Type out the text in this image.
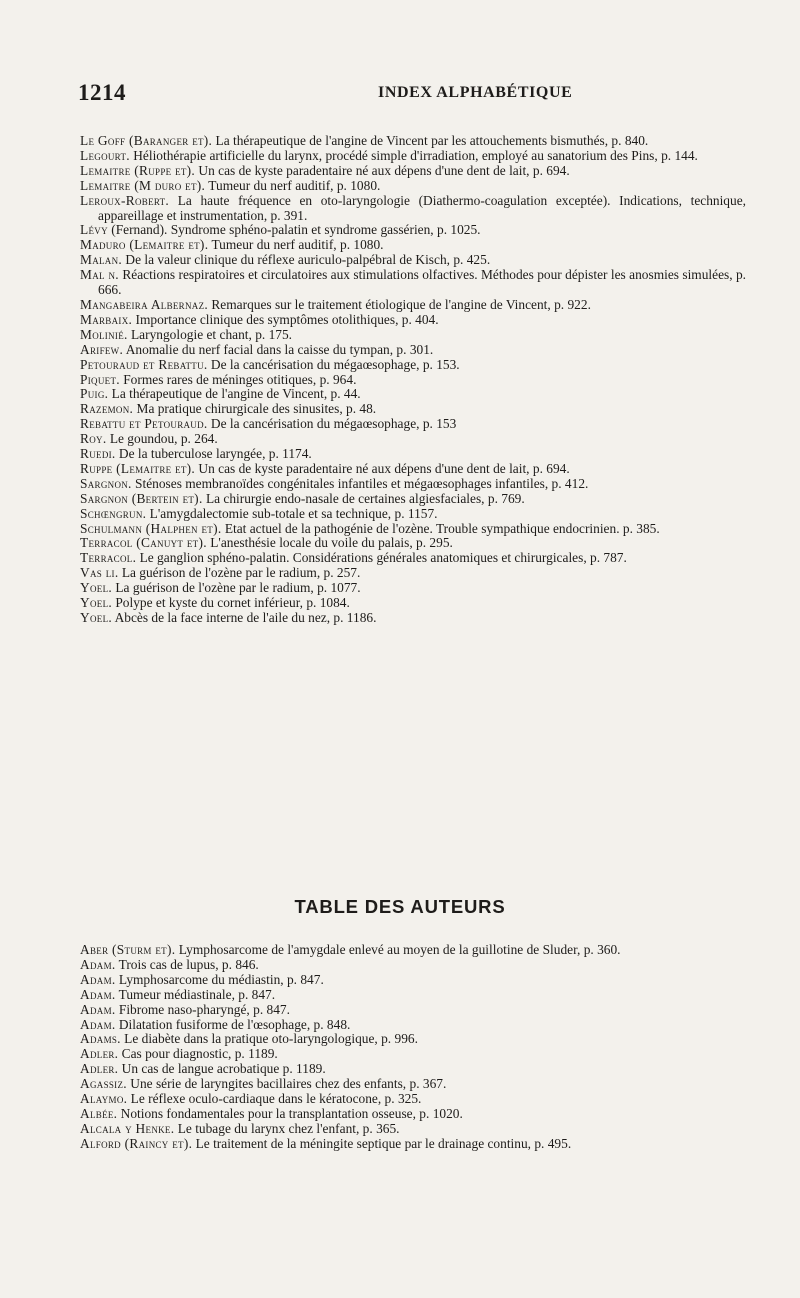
1214	INDEX ALPHABÉTIQUE

Le Goff (Baranger et). La thérapeutique de l'angine de Vincent par les attouchements bismuthés, p. 840.

Legourt. Héliothérapie artificielle du larynx, procédé simple d'irradiation, employé au sanatorium des Pins, p. 144.

Lemaitre (Ruppe et). Un cas de kyste paradentaire né aux dépens d'une dent de lait, p. 694.

Lemaitre (M duro et). Tumeur du nerf auditif, p. 1080.

Leroux-Robert. La haute fréquence en oto-laryngologie (Diathermo-coagulation exceptée). Indications, technique, appareillage et instrumentation, p. 391.

Lévy (Fernand). Syndrome sphéno-palatin et syndrome gassérien, p. 1025.

Maduro (Lemaitre et). Tumeur du nerf auditif, p. 1080.

Malan. De la valeur clinique du réflexe auriculo-palpébral de Kisch, p. 425.

Mal n. Réactions respiratoires et circulatoires aux stimulations olfactives. Méthodes pour dépister les anosmies simulées, p. 666.

Mangabeira Albernaz. Remarques sur le traitement étiologique de l'angine de Vincent, p. 922.

Marbaix. Importance clinique des symptômes otolithiques, p. 404.

Molinié. Laryngologie et chant, p. 175.

Arifew. Anomalie du nerf facial dans la caisse du tympan, p. 301.

Petouraud et Rebattu. De la cancérisation du mégaœsophage, p. 153.

Piquet. Formes rares de méninges otitiques, p. 964.

Puig. La thérapeutique de l'angine de Vincent, p. 44.

Razemon. Ma pratique chirurgicale des sinusites, p. 48.

Rebattu et Petouraud. De la cancérisation du mégaœsophage, p. 153

Roy. Le goundou, p. 264.

Ruedi. De la tuberculose laryngée, p. 1174.

Ruppe (Lemaitre et). Un cas de kyste paradentaire né aux dépens d'une dent de lait, p. 694.

Sargnon. Sténoses membranoïdes congénitales infantiles et mégaœsophages infantiles, p. 412.

Sargnon (Bertein et). La chirurgie endo-nasale de certaines algiesfaciales, p. 769.

Schœngrun. L'amygdalectomie sub-totale et sa technique, p. 1157.

Schulmann (Halphen et). Etat actuel de la pathogénie de l'ozène. Trouble sympathique endocrinien. p. 385.

Terracol (Canuyt et). L'anesthésie locale du voile du palais, p. 295.

Terracol. Le ganglion sphéno-palatin. Considérations générales anatomiques et chirurgicales, p. 787.

Vas li. La guérison de l'ozène par le radium, p. 257.

Yoel. La guérison de l'ozène par le radium, p. 1077.

Yoel. Polype et kyste du cornet inférieur, p. 1084.

Yoel. Abcès de la face interne de l'aile du nez, p. 1186.

TABLE DES AUTEURS

Aber (Sturm et). Lymphosarcome de l'amygdale enlevé au moyen de la guillotine de Sluder, p. 360.

Adam. Trois cas de lupus, p. 846.

Adam. Lymphosarcome du médiastin, p. 847.

Adam. Tumeur médiastinale, p. 847.

Adam. Fibrome naso-pharyngé, p. 847.

Adam. Dilatation fusiforme de l'œsophage, p. 848.

Adams. Le diabète dans la pratique oto-laryngologique, p. 996.

Adler. Cas pour diagnostic, p. 1189.

Adler. Un cas de langue acrobatique p. 1189.

Agassiz. Une série de laryngites bacillaires chez des enfants, p. 367.

Alaymo. Le réflexe oculo-cardiaque dans le kératocone, p. 325.

Albée. Notions fondamentales pour la transplantation osseuse, p. 1020.

Alcala y Henke. Le tubage du larynx chez l'enfant, p. 365.

Alford (Raincy et). Le traitement de la méningite septique par le drainage continu, p. 495.
